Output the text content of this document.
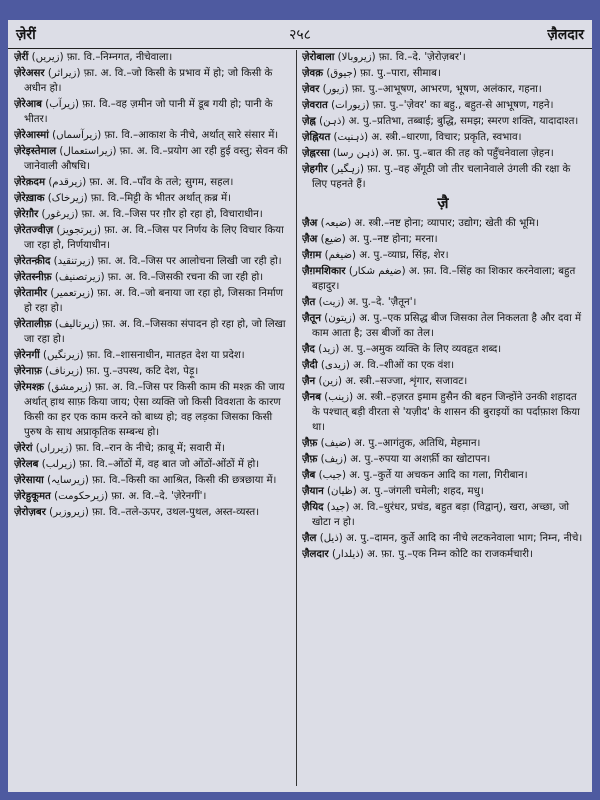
ज़ेरीं	२५८	ज़ैलदार
ज़ेरीं (زیریں) फ़ा. वि.–निम्नगत, नीचेवाला।
ज़ेरेअसर (زیراثر) फ़ा. अ. वि.–जो किसी के प्रभाव में हो; जो किसी के अधीन हो।
ज़ेरेआब (زیرآب) फ़ा. वि.–वह ज़मीन जो पानी में डूब गयी हो; पानी के भीतर।
ज़ेरेआस्मां (زیرآسماں) फ़ा. वि.–आकाश के नीचे, अर्थात् सारे संसार में।
ज़ेरेइस्तेमाल (زیراستعمال) फ़ा. अ. वि.–प्रयोग आ रही हुई वस्तु; सेवन की जानेवाली औषधि।
ज़ेरेक़दम (زیرقدم) फ़ा. अ. वि.–पाँव के तले; सुगम, सहल।
ज़ेरेख़ाक (زیرخاک) फ़ा. वि.–मिट्टी के भीतर अर्थात् क़ब्र में।
ज़ेरेग़ौर (زیرغور) फ़ा. अ. वि.–जिस पर ग़ौर हो रहा हो, विचाराधीन।
ज़ेरेतज्वीज़ (زیرتجویز) फ़ा. अ. वि.–जिस पर निर्णय के लिए विचार किया जा रहा हो, निर्णयाधीन।
ज़ेरेतन्क़ीद (زیرتنقید) फ़ा. अ. वि.–जिस पर आलोचना लिखी जा रही हो।
ज़ेरेतस्नीफ़ (زیرتصنیف) फ़ा. अ. वि.–जिसकी रचना की जा रही हो।
ज़ेरेतामीर (زیرتعمیر) फ़ा. अ. वि.–जो बनाया जा रहा हो, जिसका निर्माण हो रहा हो।
ज़ेरेतालीफ़ (زیرتالیف) फ़ा. अ. वि.–जिसका संपादन हो रहा हो, जो लिखा जा रहा हो।
ज़ेरेनगीं (زیرنگیں) फ़ा. वि.–शासनाधीन, मातहत देश या प्रदेश।
ज़ेरेनाफ़ (زیرناف) फ़ा. पु.–उपस्थ, कटि देश, पेड़ू।
ज़ेरेमश्क़ (زیرمشق) फ़ा. अ. वि.–जिस पर किसी काम की मश्क़ की जाय अर्थात् हाथ साफ़ किया जाय; ऐसा व्यक्ति जो किसी विवशता के कारण किसी का हर एक काम करने को बाध्य हो; वह लड़का जिसका किसी पुरुष के साथ अप्राकृतिक सम्बन्ध हो।
ज़ेरेरां (زیرراں) फ़ा. वि.–रान के नीचे; क़ाबू में; सवारी में।
ज़ेरेलब (زیرلب) फ़ा. वि.–ओंठों में, वह बात जो ओंठों-ओंठों में हो।
ज़ेरेसाया (زیرسایہ) फ़ा. वि.–किसी का आश्रित, किसी की छत्रछाया में।
ज़ेरेहुकूमत (زیرحکومت) फ़ा. अ. वि.–दे. 'ज़ेरेनगीं'।
ज़ेरोज़बर (زیروزبر) फ़ा. वि.–तले-ऊपर, उथल-पुथल, अस्त-व्यस्त।
ज़ेरोबाला (زیروبالا) फ़ा. वि.–दे. 'ज़ेरोज़बर'।
ज़ेवक़ (جیوق) फ़ा. पु.–पारा, सीमाब।
ज़ेवर (زیور) फ़ा. पु.–आभूषण, आभरण, भूषण, अलंकार, गहना।
ज़ेवरात (زیورات) फ़ा. पु.–'ज़ेवर' का बहु., बहुत-से आभूषण, गहने।
ज़ेह्न (ذہن) अ. पु.–प्रतिभा, तब्बाई; बुद्धि, समझ; स्मरण शक्ति, यादादाश्त।
ज़ेह्नियत (ذہنیت) अ. स्त्री.–धारणा, विचार; प्रकृति, स्वभाव।
ज़ेह्नरसा (ذہن رسا) अ. फ़ा. पु.–बात की तह को पहुँचनेवाला ज़ेहन।
ज़ेहगीर (زہگیر) फ़ा. पु.–वह अँगूठी जो तीर चलानेवाले उंगली की रक्षा के लिए पहनते हैं।
ज़ै
ज़ैअ (ضیعہ) अ. स्त्री.–नष्ट होना; व्यापार; उद्योग; खेती की भूमि।
ज़ैअ (ضیع) अ. पु.–नष्ट होना; मरना।
ज़ैग़म (ضیغم) अ. पु.–व्याघ्र, सिंह, शेर।
ज़ैग़मशिकार (ضیغم شکار) अ. फ़ा. वि.–सिंह का शिकार करनेवाला; बहुत बहादुर।
ज़ैत (زیت) अ. पु.–दे. 'ज़ैतून'।
ज़ैतून (زیتون) अ. पु.–एक प्रसिद्ध बीज जिसका तेल निकलता है और दवा में काम आता है; उस बीजों का तेल।
ज़ैद (زید) अ. पु.–अमुक व्यक्ति के लिए व्यवहृत शब्द।
ज़ैदी (زیدی) अ. वि.–शीओं का एक वंश।
ज़ैन (زین) अ. स्त्री.–सज्जा, शृंगार, सजावट।
ज़ैनब (زینب) अ. स्त्री.–हज़रत इमाम हुसैन की बहन जिन्होंने उनकी शहादत के पश्चात् बड़ी वीरता से 'यज़ीद' के शासन की बुराइयों का पर्दाफ़ाश किया था।
ज़ैफ़ (ضیف) अ. पु.–आगंतुक, अतिथि, मेहमान।
ज़ैफ़ (زیف) अ. पु.–रुपया या अशर्फ़ी का खोटापन।
ज़ैब (جیب) अ. पु.–कुर्ते या अचकन आदि का गला, गिरीबान।
ज़ैयान (ظیان) अ. पु.–जंगली चमेली; शहद, मधु।
ज़ैयिद (جید) अ. वि.–धुरंधर, प्रचंड, बहुत बड़ा (विद्वान्), खरा, अच्छा, जो खोटा न हो।
ज़ैल (ذیل) अ. पु.–दामन, कुर्ते आदि का नीचे लटकनेवाला भाग; निम्न, नीचे।
ज़ैलदार (ذیلدار) अ. फ़ा. पु.–एक निम्न कोटि का राजकर्मचारी।
